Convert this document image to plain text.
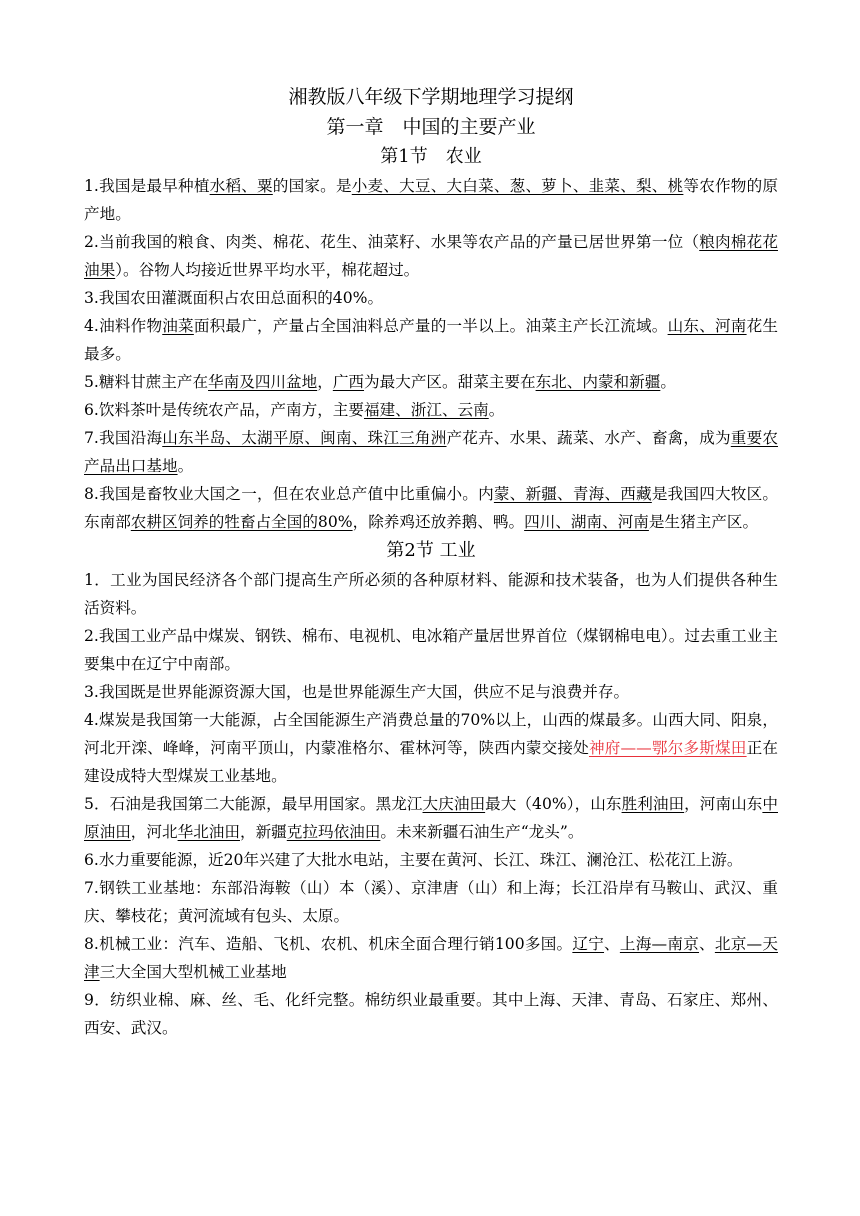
湘教版八年级下学期地理学习提纲
第一章　中国的主要产业
第1节　农业

1.我国是最早种植水稻、粟的国家。是小麦、大豆、大白菜、葱、萝卜、韭菜、梨、桃等农作物的原产地。

2.当前我国的粮食、肉类、棉花、花生、油菜籽、水果等农产品的产量已居世界第一位（粮肉棉花花油果）。谷物人均接近世界平均水平，棉花超过。

3.我国农田灌溉面积占农田总面积的40%。

4.油料作物油菜面积最广，产量占全国油料总产量的一半以上。油菜主产长江流域。山东、河南花生最多。

5.糖料甘蔗主产在华南及四川盆地，广西为最大产区。甜菜主要在东北、内蒙和新疆。

6.饮料茶叶是传统农产品，产南方，主要福建、浙江、云南。

7.我国沿海山东半岛、太湖平原、闽南、珠江三角洲产花卉、水果、蔬菜、水产、畜禽，成为重要农产品出口基地。

8.我国是畜牧业大国之一，但在农业总产值中比重偏小。内蒙、新疆、青海、西藏是我国四大牧区。东南部农耕区饲养的牲畜占全国的80%，除养鸡还放养鹅、鸭。四川、湖南、河南是生猪主产区。

第2节 工业

1．工业为国民经济各个部门提高生产所必须的各种原材料、能源和技术装备，也为人们提供各种生活资料。

2.我国工业产品中煤炭、钢铁、棉布、电视机、电冰箱产量居世界首位（煤钢棉电电）。过去重工业主要集中在辽宁中南部。

3.我国既是世界能源资源大国，也是世界能源生产大国，供应不足与浪费并存。

4.煤炭是我国第一大能源，占全国能源生产消费总量的70%以上，山西的煤最多。山西大同、阳泉，河北开滦、峰峰，河南平顶山，内蒙准格尔、霍林河等，陕西内蒙交接处神府——鄂尔多斯煤田正在建设成特大型煤炭工业基地。

5．石油是我国第二大能源，最早用国家。黑龙江大庆油田最大（40%），山东胜利油田，河南山东中原油田，河北华北油田，新疆克拉玛依油田。未来新疆石油生产“龙头”。

6.水力重要能源，近20年兴建了大批水电站，主要在黄河、长江、珠江、澜沧江、松花江上游。

7.钢铁工业基地：东部沿海鞍（山）本（溪）、京津唐（山）和上海；长江沿岸有马鞍山、武汉、重庆、攀枝花；黄河流域有包头、太原。

8.机械工业：汽车、造船、飞机、农机、机床全面合理行销100多国。辽宁、上海—南京、北京—天津三大全国大型机械工业基地

9．纺织业棉、麻、丝、毛、化纤完整。棉纺织业最重要。其中上海、天津、青岛、石家庄、郑州、西安、武汉。
